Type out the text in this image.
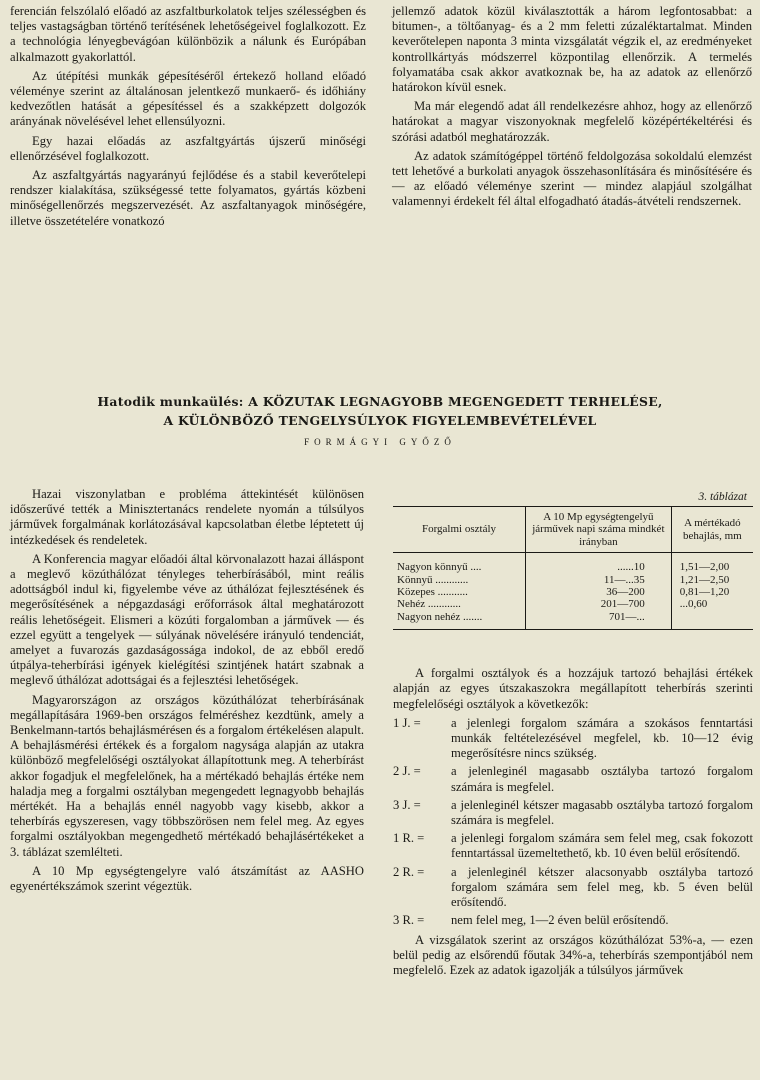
ferencián felszólaló előadó az aszfaltburkolatok teljes szélességben és teljes vastagságban történő terítésének lehetőségeivel foglalkozott. Ez a technológia lényegbevágóan különbözik a nálunk és Európában alkalmazott gyakorlattól.

Az útépítési munkák gépesítéséről értekező holland előadó véleménye szerint az általánosan jelentkező munkaerő- és időhiány kedvezőtlen hatását a gépesítéssel és a szakképzett dolgozók arányának növelésével lehet ellensúlyozni.

Egy hazai előadás az aszfaltgyártás újszerű minőségi ellenőrzésével foglalkozott.

Az aszfaltgyártás nagyarányú fejlődése és a stabil keverőtelepi rendszer kialakítása, szükségessé tette folyamatos, gyártás közbeni minőségellenőrzés megszervezését. Az aszfaltanyagok minőségére, illetve összetételére vonatkozó

jellemző adatok közül kiválasztották a három legfontosabbat: a bitumen-, a töltőanyag- és a 2 mm feletti zúzaléktartalmat. Minden keverőtelepen naponta 3 minta vizsgálatát végzik el, az eredményeket kontrollkártyás módszerrel központilag ellenőrzik. A termelés folyamatába csak akkor avatkoznak be, ha az adatok az ellenőrző határokon kívül esnek.

Ma már elegendő adat áll rendelkezésre ahhoz, hogy az ellenőrző határokat a magyar viszonyoknak megfelelő középértékeltérési és szórási adatból meghatározzák.

Az adatok számítógéppel történő feldolgozása sokoldalú elemzést tett lehetővé a burkolati anyagok összehasonlítására és minősítésére és — az előadó véleménye szerint — mindez alapjául szolgálhat valamennyi érdekelt fél által elfogadható átadás-átvételi rendszernek.

Hatodik munkaülés: A KÖZUTAK LEGNAGYOBB MEGENGEDETT TERHELÉSE,
A KÜLÖNBÖZŐ TENGELYSÚLYOK FIGYELEMBEVÉTELÉVEL
FORMÁGYI GYŐZŐ

Hazai viszonylatban e probléma áttekintését különösen időszerűvé tették a Minisztertanács rendelete nyomán a túlsúlyos járművek forgalmának korlátozásával kapcsolatban életbe léptetett új intézkedések és rendeletek.

A Konferencia magyar előadói által körvonalazott hazai álláspont a meglevő közúthálózat tényleges teherbírásából, mint reális adottságból indul ki, figyelembe véve az úthálózat fejlesztésének és megerősítésének a népgazdasági erőforrások által meghatározott reális lehetőségeit. Elismeri a közúti forgalomban a járművek — és ezzel együtt a tengelyek — súlyának növelésére irányuló tendenciát, amelyet a fuvarozás gazdaságossága indokol, de az ebből eredő útpálya-teherbírási igények kielégítési szintjének határt szabnak a meglevő úthálózat adottságai és a fejlesztési lehetőségek.

Magyarországon az országos közúthálózat teherbírásának megállapítására 1969-ben országos felméréshez kezdtünk, amely a Benkelmann-tartós behajlásmérésen és a forgalom értékelésen alapult. A behajlásmérési értékek és a forgalom nagysága alapján az utakra különböző megfelelőségi osztályokat állapítottunk meg. A teherbírást akkor fogadjuk el megfelelőnek, ha a mértékadó behajlás értéke nem haladja meg a forgalmi osztályban megengedett legnagyobb behajlás mértékét. Ha a behajlás ennél nagyobb vagy kisebb, akkor a teherbírás egyszeresen, vagy többszörösen nem felel meg. Az egyes forgalmi osztályokban megengedhető mértékadó behajlásértékeket a 3. táblázat szemlélteti.

A 10 Mp egységtengelyre való átszámítást az AASHO egyenértékszámok szerint végeztük.

3. táblázat
Forgalmi osztály	A 10 Mp egységtengelyű járművek napi száma mindkét irányban	A mértékadó behajlás, mm
Nagyon könnyű ....	......10	1,51—2,00
Könnyű ............	11—...35	1,21—2,50
Közepes ...........	36—200	0,81—1,20
Nehéz ............	201—700	...0,60
Nagyon nehéz .......	701—...	

A forgalmi osztályok és a hozzájuk tartozó behajlási értékek alapján az egyes útszakaszokra megállapított teherbírás szerinti megfelelőségi osztályok a következők:

1 J. =	a jelenlegi forgalom számára a szokásos fenntartási munkák feltételezésével megfelel, kb. 10—12 évig megerősítésre nincs szükség.
2 J. =	a jelenleginél magasabb osztályba tartozó forgalom számára is megfelel.
3 J. =	a jelenleginél kétszer magasabb osztályba tartozó forgalom számára is megfelel.
1 R. =	a jelenlegi forgalom számára sem felel meg, csak fokozott fenntartással üzemeltethető, kb. 10 éven belül erősítendő.
2 R. =	a jelenleginél kétszer alacsonyabb osztályba tartozó forgalom számára sem felel meg, kb. 5 éven belül erősítendő.
3 R. =	nem felel meg, 1—2 éven belül erősítendő.

A vizsgálatok szerint az országos közúthálózat 53%-a, — ezen belül pedig az elsőrendű főutak 34%-a, teherbírás szempontjából nem megfelelő. Ezek az adatok igazolják a túlsúlyos járművek
